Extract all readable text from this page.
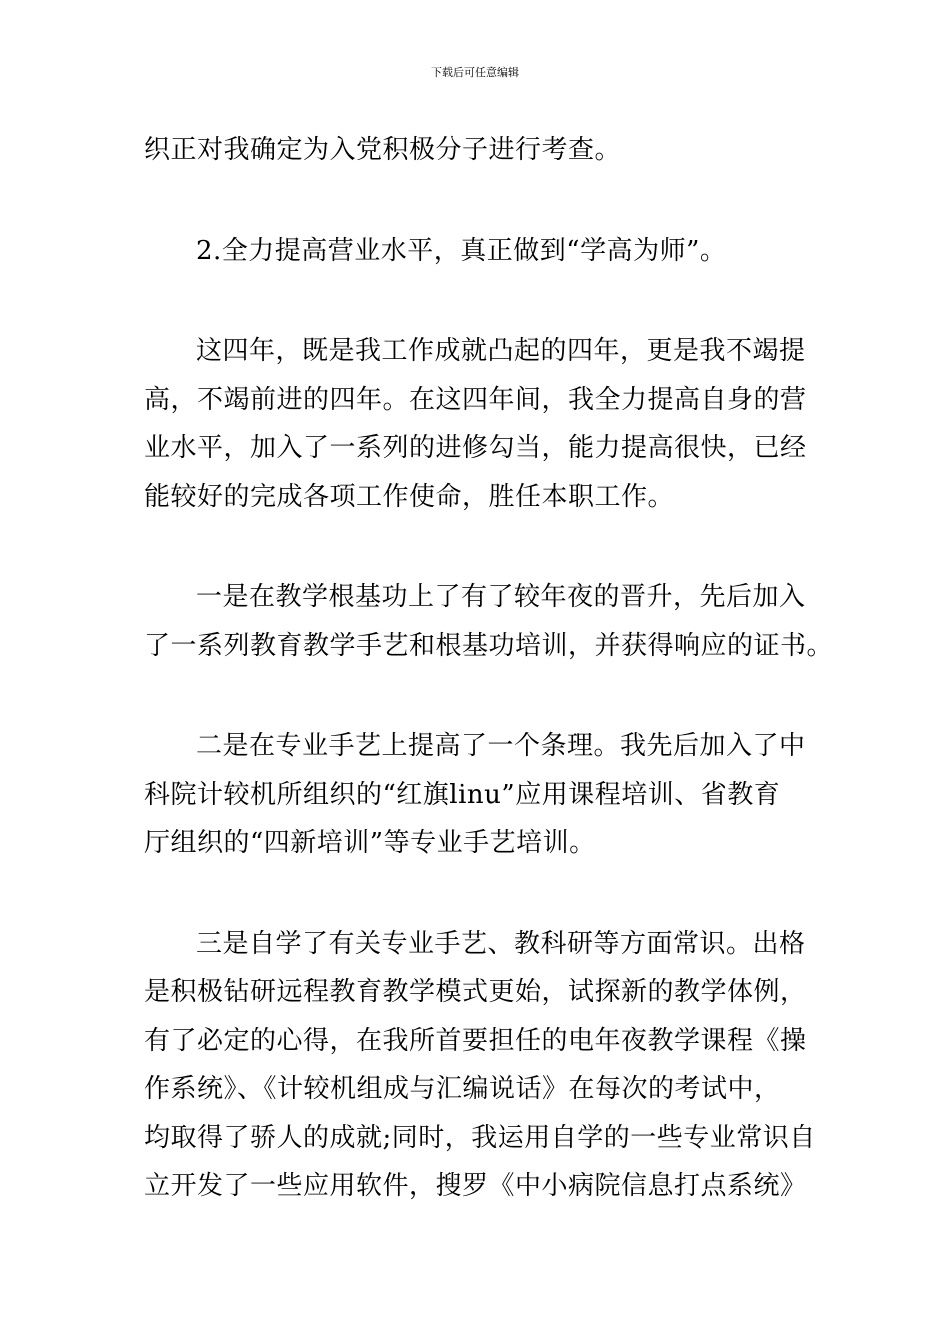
下载后可任意编辑

织正对我确定为入党积极分子进行考查。

2.全力提高营业水平，真正做到“学高为师”。

这四年，既是我工作成就凸起的四年，更是我不竭提
高，不竭前进的四年。在这四年间，我全力提高自身的营
业水平，加入了一系列的进修勾当，能力提高很快，已经
能较好的完成各项工作使命，胜任本职工作。

一是在教学根基功上了有了较年夜的晋升，先后加入
了一系列教育教学手艺和根基功培训，并获得响应的证书。

二是在专业手艺上提高了一个条理。我先后加入了中
科院计较机所组织的“红旗linu”应用课程培训、省教育
厅组织的“四新培训”等专业手艺培训。

三是自学了有关专业手艺、教科研等方面常识。出格
是积极钻研远程教育教学模式更始，试探新的教学体例，
有了必定的心得，在我所首要担任的电年夜教学课程《操
作系统》、《计较机组成与汇编说话》在每次的考试中，
均取得了骄人的成就;同时，我运用自学的一些专业常识自
立开发了一些应用软件，搜罗《中小病院信息打点系统》
